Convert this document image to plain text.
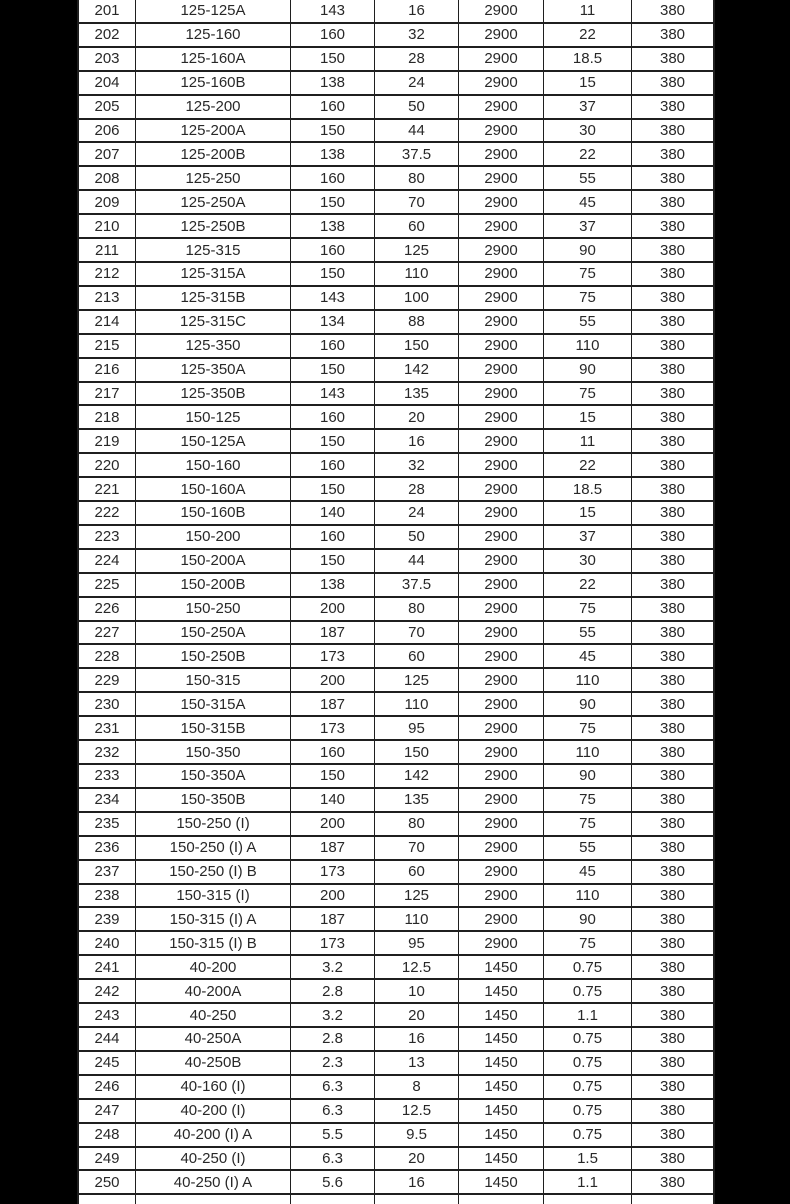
201	125-125A	143	16	2900	11	380
202	125-160	160	32	2900	22	380
203	125-160A	150	28	2900	18.5	380
204	125-160B	138	24	2900	15	380
205	125-200	160	50	2900	37	380
206	125-200A	150	44	2900	30	380
207	125-200B	138	37.5	2900	22	380
208	125-250	160	80	2900	55	380
209	125-250A	150	70	2900	45	380
210	125-250B	138	60	2900	37	380
211	125-315	160	125	2900	90	380
212	125-315A	150	110	2900	75	380
213	125-315B	143	100	2900	75	380
214	125-315C	134	88	2900	55	380
215	125-350	160	150	2900	110	380
216	125-350A	150	142	2900	90	380
217	125-350B	143	135	2900	75	380
218	150-125	160	20	2900	15	380
219	150-125A	150	16	2900	11	380
220	150-160	160	32	2900	22	380
221	150-160A	150	28	2900	18.5	380
222	150-160B	140	24	2900	15	380
223	150-200	160	50	2900	37	380
224	150-200A	150	44	2900	30	380
225	150-200B	138	37.5	2900	22	380
226	150-250	200	80	2900	75	380
227	150-250A	187	70	2900	55	380
228	150-250B	173	60	2900	45	380
229	150-315	200	125	2900	110	380
230	150-315A	187	110	2900	90	380
231	150-315B	173	95	2900	75	380
232	150-350	160	150	2900	110	380
233	150-350A	150	142	2900	90	380
234	150-350B	140	135	2900	75	380
235	150-250 (I)	200	80	2900	75	380
236	150-250 (I) A	187	70	2900	55	380
237	150-250 (I) B	173	60	2900	45	380
238	150-315 (I)	200	125	2900	110	380
239	150-315 (I) A	187	110	2900	90	380
240	150-315 (I) B	173	95	2900	75	380
241	40-200	3.2	12.5	1450	0.75	380
242	40-200A	2.8	10	1450	0.75	380
243	40-250	3.2	20	1450	1.1	380
244	40-250A	2.8	16	1450	0.75	380
245	40-250B	2.3	13	1450	0.75	380
246	40-160 (I)	6.3	8	1450	0.75	380
247	40-200 (I)	6.3	12.5	1450	0.75	380
248	40-200 (I) A	5.5	9.5	1450	0.75	380
249	40-250 (I)	6.3	20	1450	1.5	380
250	40-250 (I) A	5.6	16	1450	1.1	380
